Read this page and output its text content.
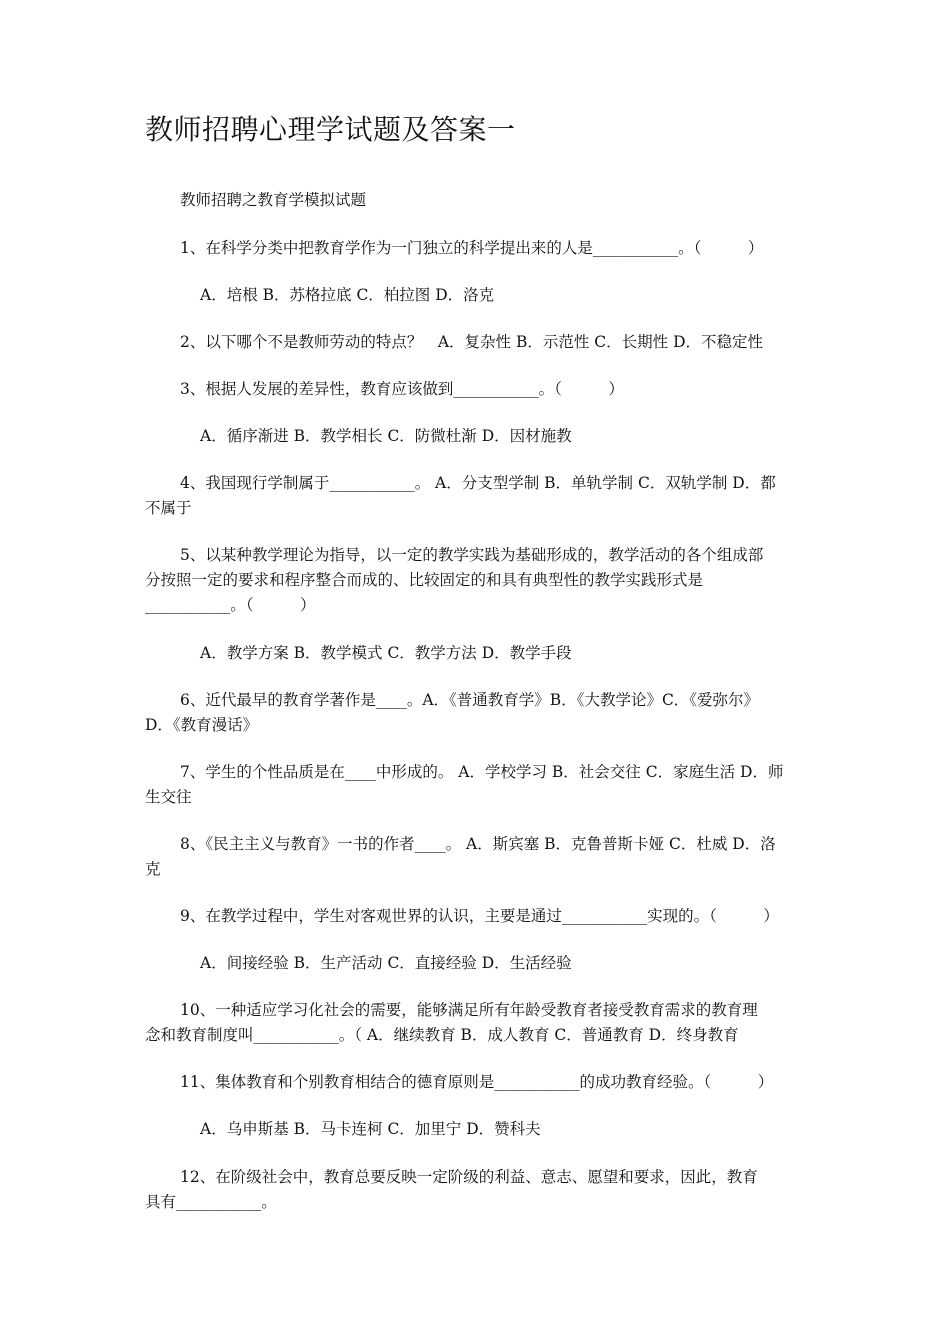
教师招聘心理学试题及答案一
教师招聘之教育学模拟试题
1、在科学分类中把教育学作为一门独立的科学提出来的人是___________。（　　　）
A．培根 B．苏格拉底 C．柏拉图 D．洛克
2、以下哪个不是教师劳动的特点？　A．复杂性 B．示范性 C．长期性 D．不稳定性
3、根据人发展的差异性，教育应该做到___________。（　　　）
A．循序渐进 B．教学相长 C．防微杜渐 D．因材施教
4、我国现行学制属于___________。 A．分支型学制 B．单轨学制 C．双轨学制 D．都
不属于
5、以某种教学理论为指导，以一定的教学实践为基础形成的，教学活动的各个组成部
分按照一定的要求和程序整合而成的、比较固定的和具有典型性的教学实践形式是
___________。（　　　）
A．教学方案 B．教学模式 C．教学方法 D．教学手段
6、近代最早的教育学著作是____。A．《普通教育学》B．《大教学论》C．《爱弥尔》
D．《教育漫话》
7、学生的个性品质是在____中形成的。 A．学校学习 B．社会交往 C．家庭生活 D．师
生交往
8、《民主主义与教育》一书的作者____。 A．斯宾塞 B．克鲁普斯卡娅 C．杜威 D．洛
克
9、在教学过程中，学生对客观世界的认识，主要是通过___________实现的。（　　　）
A．间接经验 B．生产活动 C．直接经验 D．生活经验
10、一种适应学习化社会的需要，能够满足所有年龄受教育者接受教育需求的教育理
念和教育制度叫___________。（ A．继续教育 B．成人教育 C．普通教育 D．终身教育
11、集体教育和个别教育相结合的德育原则是___________的成功教育经验。（　　　）
A．乌申斯基 B．马卡连柯 C．加里宁 D．赞科夫
12、在阶级社会中，教育总要反映一定阶级的利益、意志、愿望和要求，因此，教育
具有___________。
